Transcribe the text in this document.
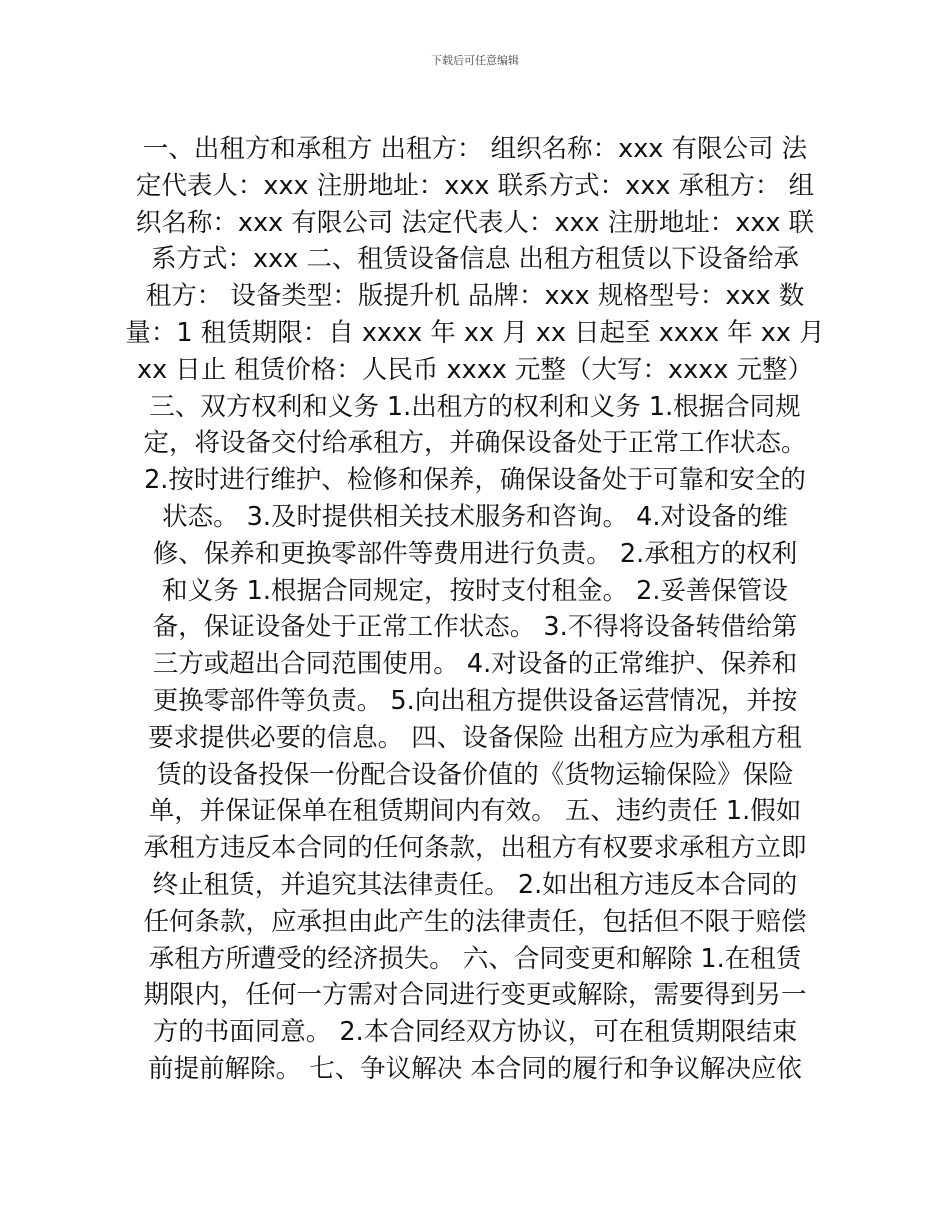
下载后可任意编辑
一、出租方和承租方 出租方： 组织名称：xxx 有限公司 法
定代表人：xxx 注册地址：xxx 联系方式：xxx 承租方： 组
织名称：xxx 有限公司 法定代表人：xxx 注册地址：xxx 联
系方式：xxx 二、租赁设备信息 出租方租赁以下设备给承
租方： 设备类型：版提升机 品牌：xxx 规格型号：xxx 数
量：1 租赁期限：自 xxxx 年 xx 月 xx 日起至 xxxx 年 xx 月
xx 日止 租赁价格：人民币 xxxx 元整（大写：xxxx 元整）
三、双方权利和义务 1.出租方的权利和义务 1.根据合同规
定，将设备交付给承租方，并确保设备处于正常工作状态。
2.按时进行维护、检修和保养，确保设备处于可靠和安全的
状态。 3.及时提供相关技术服务和咨询。 4.对设备的维
修、保养和更换零部件等费用进行负责。 2.承租方的权利
和义务 1.根据合同规定，按时支付租金。 2.妥善保管设
备，保证设备处于正常工作状态。 3.不得将设备转借给第
三方或超出合同范围使用。 4.对设备的正常维护、保养和
更换零部件等负责。 5.向出租方提供设备运营情况，并按
要求提供必要的信息。 四、设备保险 出租方应为承租方租
赁的设备投保一份配合设备价值的《货物运输保险》保险
单，并保证保单在租赁期间内有效。 五、违约责任 1.假如
承租方违反本合同的任何条款，出租方有权要求承租方立即
终止租赁，并追究其法律责任。 2.如出租方违反本合同的
任何条款，应承担由此产生的法律责任，包括但不限于赔偿
承租方所遭受的经济损失。 六、合同变更和解除 1.在租赁
期限内，任何一方需对合同进行变更或解除，需要得到另一
方的书面同意。 2.本合同经双方协议，可在租赁期限结束
前提前解除。 七、争议解决 本合同的履行和争议解决应依
